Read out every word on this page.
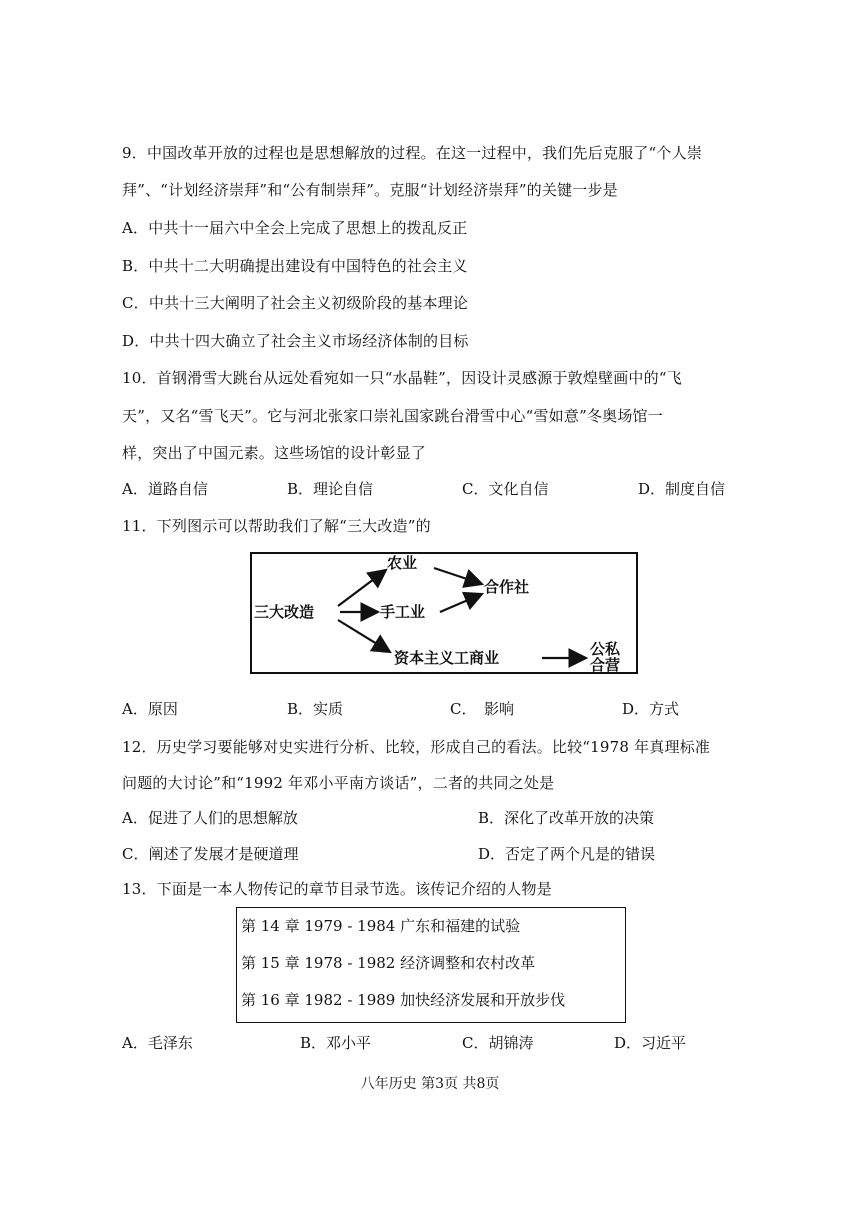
9．中国改革开放的过程也是思想解放的过程。在这一过程中，我们先后克服了“个人崇
拜”、“计划经济崇拜”和“公有制崇拜”。克服“计划经济崇拜”的关键一步是
A．中共十一届六中全会上完成了思想上的拨乱反正
B．中共十二大明确提出建设有中国特色的社会主义
C．中共十三大阐明了社会主义初级阶段的基本理论
D．中共十四大确立了社会主义市场经济体制的目标
10．首钢滑雪大跳台从远处看宛如一只“水晶鞋”，因设计灵感源于敦煌壁画中的“飞
天”，又名“雪飞天”。它与河北张家口崇礼国家跳台滑雪中心“雪如意”冬奥场馆一
样，突出了中国元素。这些场馆的设计彰显了
A．道路自信	B．理论自信	C．文化自信	D．制度自信
11．下列图示可以帮助我们了解“三大改造”的
三大改造
农业
手工业
资本主义工商业
合作社
公私
合营
A．原因	B．实质	C．　影响	D．方式
12．历史学习要能够对史实进行分析、比较，形成自己的看法。比较“1978 年真理标准
问题的大讨论”和“1992 年邓小平南方谈话”，二者的共同之处是
A．促进了人们的思想解放	B．深化了改革开放的决策
C．阐述了发展才是硬道理	D．否定了两个凡是的错误
13．下面是一本人物传记的章节目录节选。该传记介绍的人物是
第 14 章 1979 - 1984 广东和福建的试验
第 15 章 1978 - 1982 经济调整和农村改革
第 16 章 1982 - 1989 加快经济发展和开放步伐
A．毛泽东	B．邓小平	C．胡锦涛	D．习近平
八年历史 第3页 共8页
